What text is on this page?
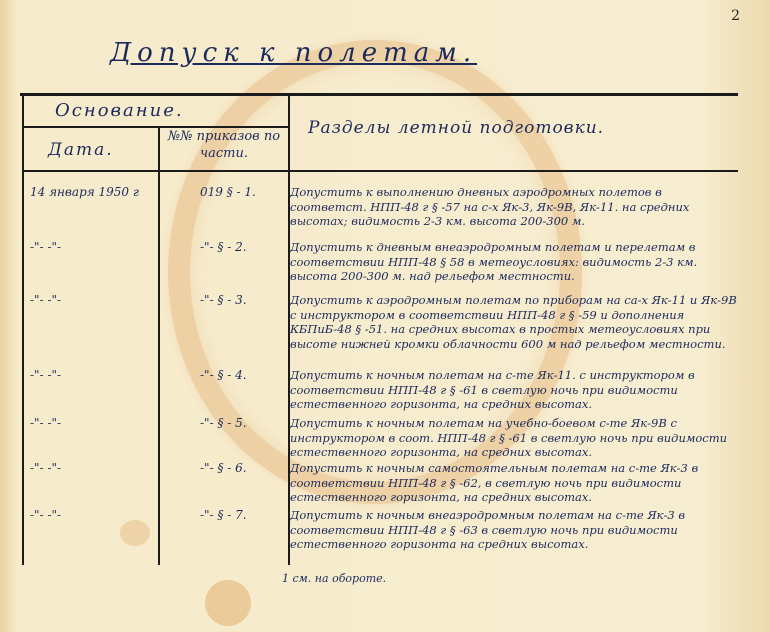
2
Допуск к полетам.
Основание.
Дата.
№№ приказов по части.
Разделы летной подготовки.
14 января 1950 г	019 § - 1.	Допустить к выполнению дневных аэродромных полетов в соответст. НПП-48 г § -57 на с-х Як-3, Як-9В, Як-11. на средних высотах; видимость 2-3 км. высота 200-300 м.
-"- -"-	-"- § - 2.	Допустить к дневным внеаэродромным полетам и перелетам в соответствии НПП-48 § 58 в метеоусловиях: видимость 2-3 км. высота 200-300 м. над рельефом местности.
-"- -"-	-"- § - 3.	Допустить к аэродромным полетам по приборам на са-х Як-11 и Як-9В с инструктором в соответствии НПП-48 г § -59 и дополнения КБПиБ-48 § -51. на средних высотах в простых метеоусловиях при высоте нижней кромки облачности 600 м над рельефом местности.
-"- -"-	-"- § - 4.	Допустить к ночным полетам на с-те Як-11. с инструктором в соответствии НПП-48 г § -61 в светлую ночь при видимости естественного горизонта, на средних высотах.
-"- -"-	-"- § - 5.	Допустить к ночным полетам на учебно-боевом с-те Як-9В с инструктором в соот. НПП-48 г § -61 в светлую ночь при видимости естественного горизонта, на средних высотах.
-"- -"-	-"- § - 6.	Допустить к ночным самостоятельным полетам на с-те Як-3 в соответствии НПП-48 г § -62, в светлую ночь при видимости естественного горизонта, на средних высотах.
-"- -"-	-"- § - 7.	Допустить к ночным внеаэродромным полетам на с-те Як-3 в соответствии НПП-48 г § -63 в светлую ночь при видимости естественного горизонта на средних высотах.
1 см. на обороте.
